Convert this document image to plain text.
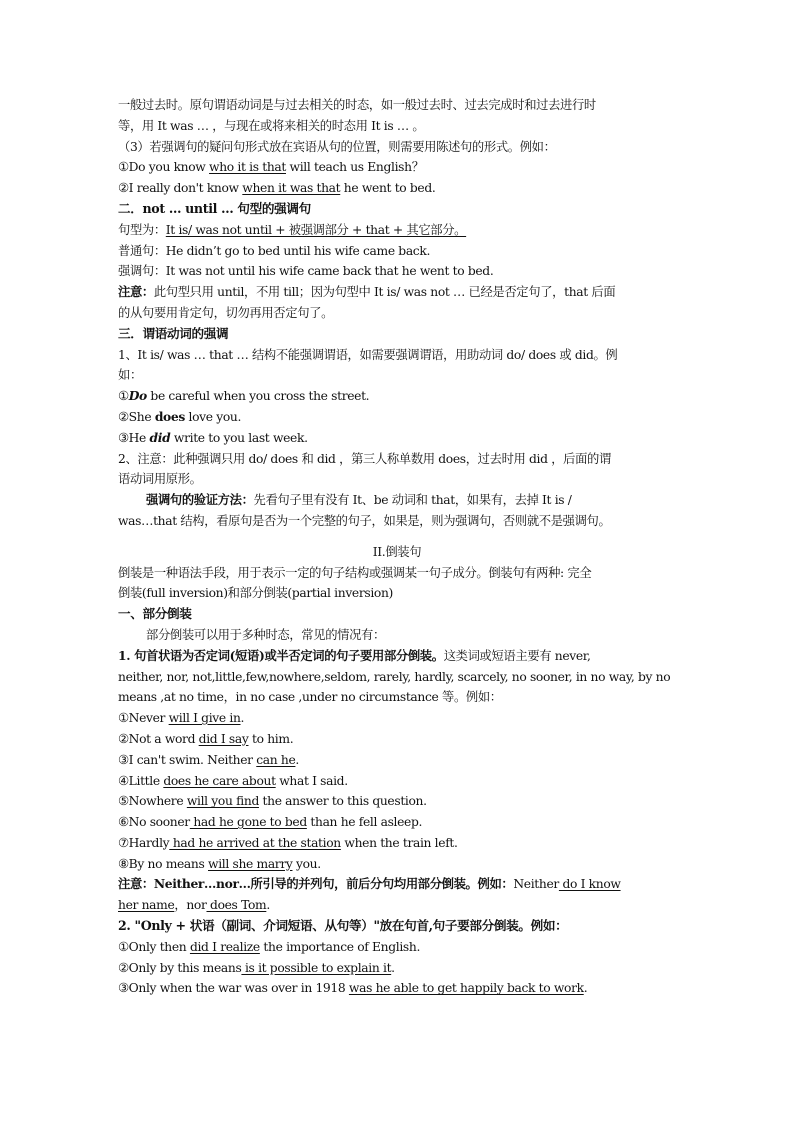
一般过去时。原句谓语动词是与过去相关的时态，如一般过去时、过去完成时和过去进行时
等，用 It was … ，与现在或将来相关的时态用 It is … 。
（3）若强调句的疑问句形式放在宾语从句的位置，则需要用陈述句的形式。例如：
①Do you know who it is that will teach us English？
②I really don't know when it was that he went to bed.
二．not … until … 句型的强调句
句型为：It is/ was not until + 被强调部分 + that + 其它部分。
普通句：He didn’t go to bed until his wife came back.
强调句：It was not until his wife came back that he went to bed.
注意：此句型只用 until，不用 till；因为句型中 It is/ was not … 已经是否定句了，that 后面
的从句要用肯定句，切勿再用否定句了。
三．谓语动词的强调
1、It is/ was … that … 结构不能强调谓语，如需要强调谓语，用助动词 do/ does 或 did。例
如：
①Do be careful when you cross the street.
②She does love you.
③He did write to you last week.
2、注意：此种强调只用 do/ does 和 did ，第三人称单数用 does，过去时用 did ，后面的谓
语动词用原形。
强调句的验证方法：先看句子里有没有 It、be 动词和 that，如果有，去掉 It is /
was…that 结构，看原句是否为一个完整的句子，如果是，则为强调句，否则就不是强调句。
II.倒装句
倒装是一种语法手段，用于表示一定的句子结构或强调某一句子成分。倒装句有两种: 完全
倒装(full inversion)和部分倒装(partial inversion)
一、部分倒装
部分倒装可以用于多种时态，常见的情况有：
1. 句首状语为否定词(短语)或半否定词的句子要用部分倒装。这类词或短语主要有 never,
neither, nor, not,little,few,nowhere,seldom, rarely, hardly, scarcely, no sooner, in no way, by no
means ,at no time，in no case ,under no circumstance 等。例如：
①Never will I give in.
②Not a word did I say to him.
③I can't swim. Neither can he.
④Little does he care about what I said.
⑤Nowhere will you find the answer to this question.
⑥No sooner had he gone to bed than he fell asleep.
⑦Hardly had he arrived at the station when the train left.
⑧By no means will she marry you.
注意：Neither…nor…所引导的并列句，前后分句均用部分倒装。例如：Neither do I know
her name，nor does Tom.
2. "Only + 状语（副词、介词短语、从句等）"放在句首,句子要部分倒装。例如：
①Only then did I realize the importance of English.
②Only by this means is it possible to explain it.
③Only when the war was over in 1918 was he able to get happily back to work.
